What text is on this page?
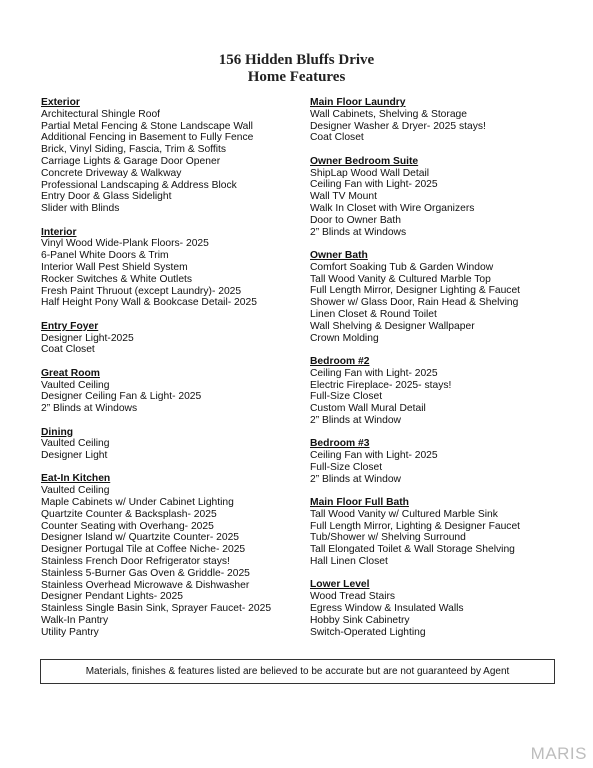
156 Hidden Bluffs Drive
Home Features
Exterior
Architectural Shingle Roof
Partial Metal Fencing & Stone Landscape Wall
Additional Fencing in Basement to Fully Fence
Brick, Vinyl Siding, Fascia, Trim & Soffits
Carriage Lights & Garage Door Opener
Concrete Driveway & Walkway
Professional Landscaping & Address Block
Entry Door & Glass Sidelight
Slider with Blinds
Interior
Vinyl Wood Wide-Plank Floors- 2025
6-Panel White Doors & Trim
Interior Wall Pest Shield System
Rocker Switches & White Outlets
Fresh Paint Thruout (except Laundry)- 2025
Half Height Pony Wall & Bookcase Detail- 2025
Entry Foyer
Designer Light-2025
Coat Closet
Great Room
Vaulted Ceiling
Designer Ceiling Fan & Light- 2025
2” Blinds at Windows
Dining
Vaulted Ceiling
Designer Light
Eat-In Kitchen
Vaulted Ceiling
Maple Cabinets w/ Under Cabinet Lighting
Quartzite Counter & Backsplash- 2025
Counter Seating with Overhang- 2025
Designer Island w/ Quartzite Counter- 2025
Designer Portugal Tile at Coffee Niche- 2025
Stainless French Door Refrigerator stays!
Stainless 5-Burner Gas Oven & Griddle- 2025
Stainless Overhead Microwave & Dishwasher
Designer Pendant Lights- 2025
Stainless Single Basin Sink, Sprayer Faucet- 2025
Walk-In Pantry
Utility Pantry
Main Floor Laundry
Wall Cabinets, Shelving & Storage
Designer Washer & Dryer- 2025 stays!
Coat Closet
Owner Bedroom Suite
ShipLap Wood Wall Detail
Ceiling Fan with Light- 2025
Wall TV Mount
Walk In Closet with Wire Organizers
Door to Owner Bath
2” Blinds at Windows
Owner Bath
Comfort Soaking Tub & Garden Window
Tall Wood Vanity & Cultured Marble Top
Full Length Mirror, Designer Lighting & Faucet
Shower w/ Glass Door, Rain Head & Shelving
Linen Closet & Round Toilet
Wall Shelving & Designer Wallpaper
Crown Molding
Bedroom #2
Ceiling Fan with Light- 2025
Electric Fireplace- 2025- stays!
Full-Size Closet
Custom Wall Mural Detail
2” Blinds at Window
Bedroom #3
Ceiling Fan with Light- 2025
Full-Size Closet
2” Blinds at Window
Main Floor Full Bath
Tall Wood Vanity w/ Cultured Marble Sink
Full Length Mirror, Lighting & Designer Faucet
Tub/Shower w/ Shelving Surround
Tall Elongated Toilet & Wall Storage Shelving
Hall Linen Closet
Lower Level
Wood Tread Stairs
Egress Window & Insulated Walls
Hobby Sink Cabinetry
Switch-Operated Lighting
Materials, finishes & features listed are believed to be accurate but are not guaranteed by Agent
MARIS
